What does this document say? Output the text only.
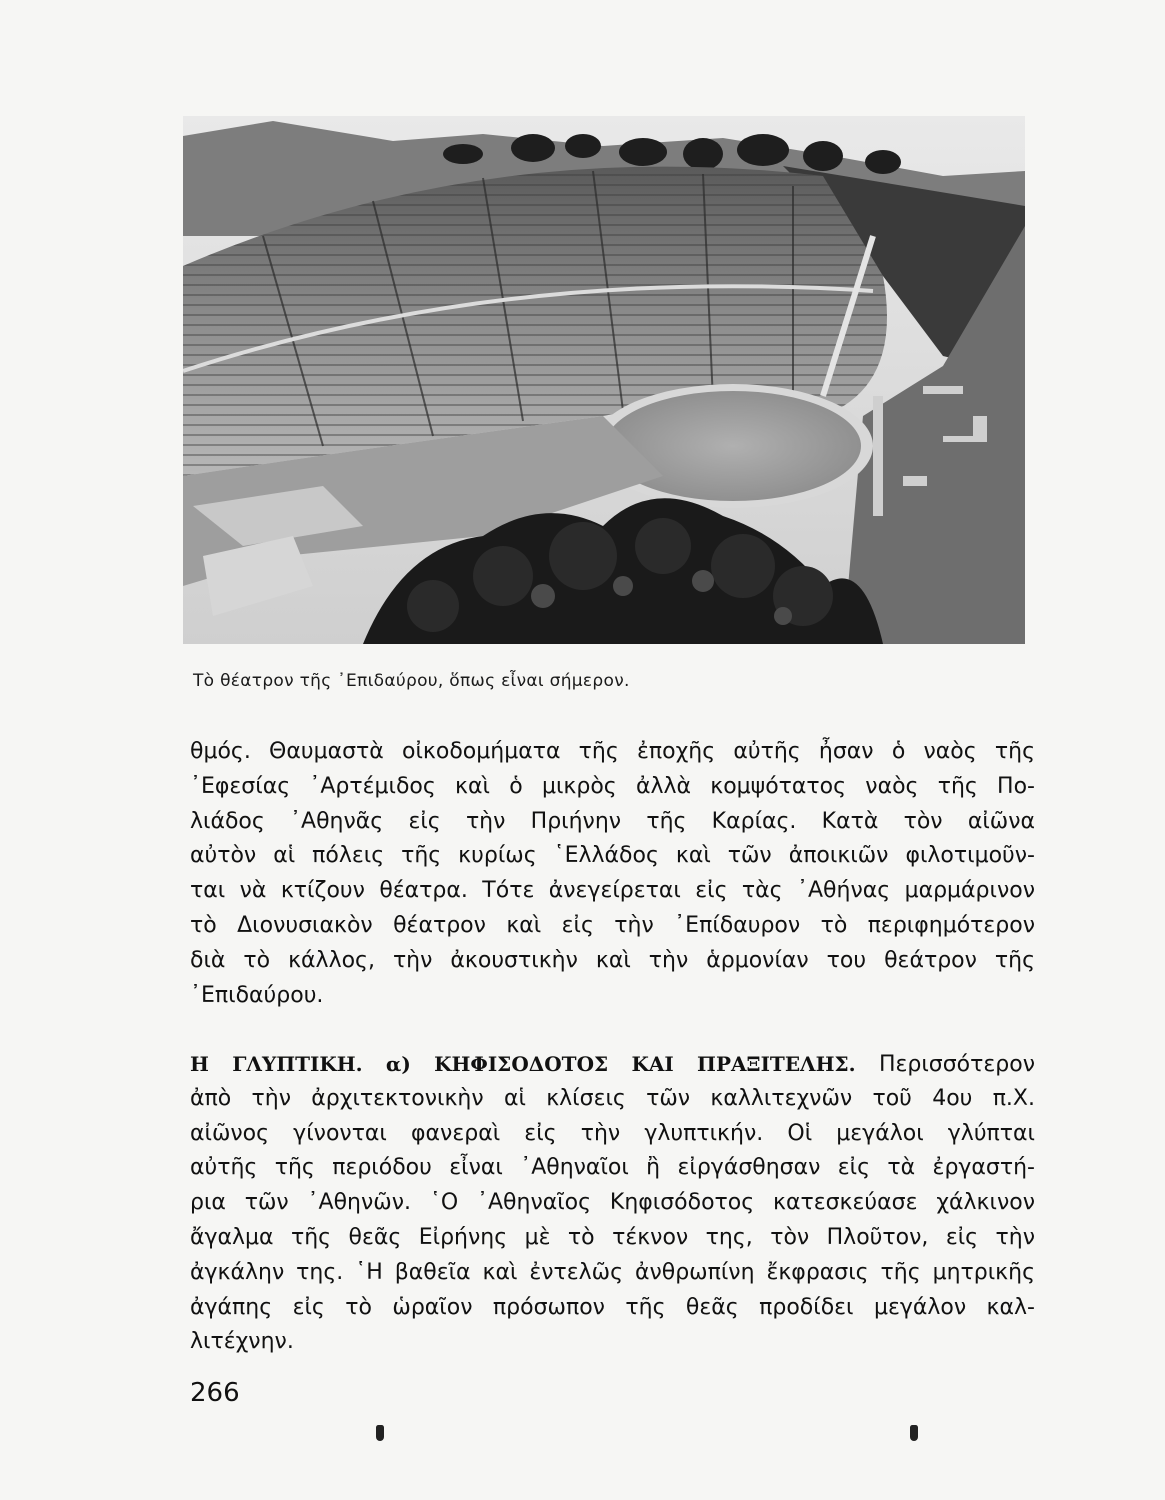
Τὸ θέατρον τῆς ᾿Επιδαύρου, ὅπως εἶναι σήμερον.
θμός. Θαυμαστὰ οἰκοδομήματα τῆς ἐποχῆς αὐτῆς ἦσαν ὁ ναὸς τῆς
᾿Εφεσίας ᾿Αρτέμιδος καὶ ὁ μικρὸς ἀλλὰ κομψότατος ναὸς τῆς Πο-
λιάδος ᾿Αθηνᾶς εἰς τὴν Πριήνην τῆς Καρίας. Κατὰ τὸν αἰῶνα
αὐτὸν αἱ πόλεις τῆς κυρίως ῾Ελλάδος καὶ τῶν ἀποικιῶν φιλοτιμοῦν-
ται νὰ κτίζουν θέατρα. Τότε ἀνεγείρεται εἰς τὰς ᾿Αθήνας μαρμάρινον
τὸ Διονυσιακὸν θέατρον καὶ εἰς τὴν ᾿Επίδαυρον τὸ περιφημότερον
διὰ τὸ κάλλος, τὴν ἀκουστικὴν καὶ τὴν ἁρμονίαν του θεάτρον τῆς
᾿Επιδαύρου.
Η ΓΛΥΠΤΙΚΗ. α) ΚΗΦΙΣΟΔΟΤΟΣ ΚΑΙ ΠΡΑΞΙΤΕΛΗΣ. Περισσότερον
ἀπὸ τὴν ἀρχιτεκτονικὴν αἱ κλίσεις τῶν καλλιτεχνῶν τοῦ 4ου π.Χ.
αἰῶνος γίνονται φανεραὶ εἰς τὴν γλυπτικήν. Οἱ μεγάλοι γλύπται
αὐτῆς τῆς περιόδου εἶναι ᾿Αθηναῖοι ἢ εἰργάσθησαν εἰς τὰ ἐργαστή-
ρια τῶν ᾿Αθηνῶν. ῾Ο ᾿Αθηναῖος Κηφισόδοτος κατεσκεύασε χάλκινον
ἄγαλμα τῆς θεᾶς Εἰρήνης μὲ τὸ τέκνον της, τὸν Πλοῦτον, εἰς τὴν
ἀγκάλην της. ῾Η βαθεῖα καὶ ἐντελῶς ἀνθρωπίνη ἔκφρασις τῆς μητρικῆς
ἀγάπης εἰς τὸ ὡραῖον πρόσωπον τῆς θεᾶς προδίδει μεγάλον καλ-
λιτέχνην.
266
